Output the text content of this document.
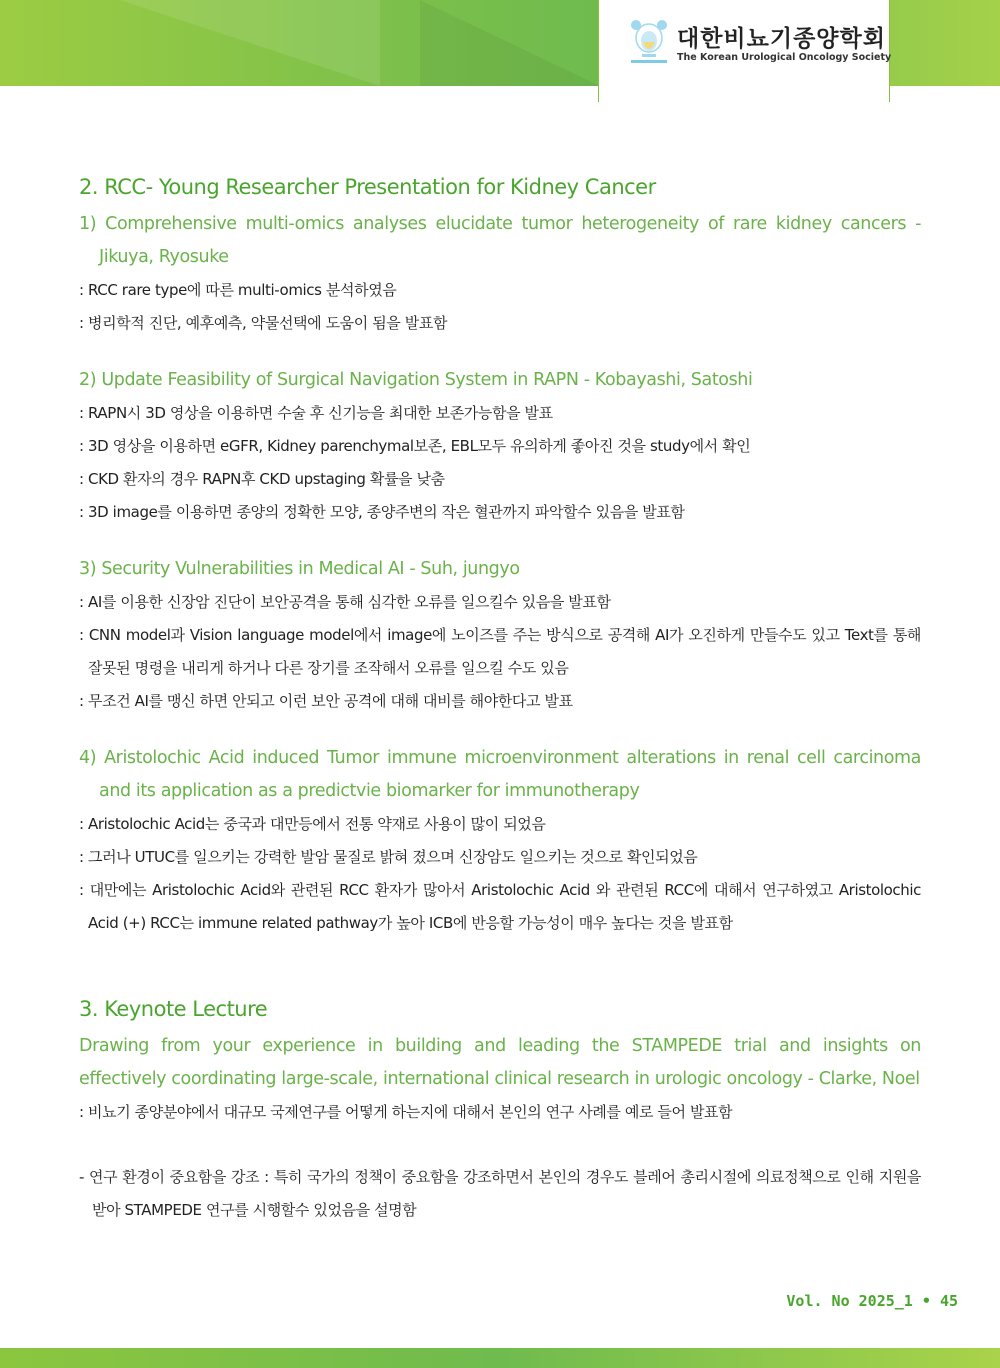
대한비뇨기종양학회
The Korean Urological Oncology Society

2. RCC- Young Researcher Presentation for Kidney Cancer

1) Comprehensive multi-omics analyses elucidate tumor heterogeneity of rare kidney cancers - Jikuya, Ryosuke

: RCC rare type에 따른 multi-omics 분석하였음

: 병리학적 진단, 예후예측, 약물선택에 도움이 됨을 발표함

2) Update Feasibility of Surgical Navigation System in RAPN - Kobayashi, Satoshi

: RAPN시 3D 영상을 이용하면 수술 후 신기능을 최대한 보존가능함을 발표

: 3D 영상을 이용하면 eGFR, Kidney parenchymal보존, EBL모두 유의하게 좋아진 것을 study에서 확인

: CKD 환자의 경우 RAPN후 CKD upstaging 확률을 낮춤

: 3D image를 이용하면 종양의 정확한 모양, 종양주변의 작은 혈관까지 파악할수 있음을 발표함

3) Security Vulnerabilities in Medical AI - Suh, jungyo

: AI를 이용한 신장암 진단이 보안공격을 통해 심각한 오류를 일으킬수 있음을 발표함

: CNN model과 Vision language model에서 image에 노이즈를 주는 방식으로 공격해 AI가 오진하게 만들수도 있고 Text를 통해 잘못된 명령을 내리게 하거나 다른 장기를 조작해서 오류를 일으킬 수도 있음

: 무조건 AI를 맹신 하면 안되고 이런 보안 공격에 대해 대비를 해야한다고 발표

4) Aristolochic Acid induced Tumor immune microenvironment alterations in renal cell carcinoma and its application as a predictvie biomarker for immunotherapy

: Aristolochic Acid는 중국과 대만등에서 전통 약재로 사용이 많이 되었음

: 그러나 UTUC를 일으키는 강력한 발암 물질로 밝혀 졌으며 신장암도 일으키는 것으로 확인되었음

: 대만에는 Aristolochic Acid와 관련된 RCC 환자가 많아서 Aristolochic Acid 와 관련된 RCC에 대해서 연구하였고 Aristolochic Acid (+) RCC는 immune related pathway가 높아 ICB에 반응할 가능성이 매우 높다는 것을 발표함

3. Keynote Lecture

Drawing from your experience in building and leading the STAMPEDE trial and insights on effectively coordinating large-scale, international clinical research in urologic oncology - Clarke, Noel

: 비뇨기 종양분야에서 대규모 국제연구를 어떻게 하는지에 대해서 본인의 연구 사례를 예로 들어 발표함

- 연구 환경이 중요함을 강조 : 특히 국가의 정책이 중요함을 강조하면서 본인의 경우도 블레어 총리시절에 의료정책으로 인해 지원을 받아 STAMPEDE 연구를 시행할수 있었음을 설명함

Vol. No 2025_1 • 45
